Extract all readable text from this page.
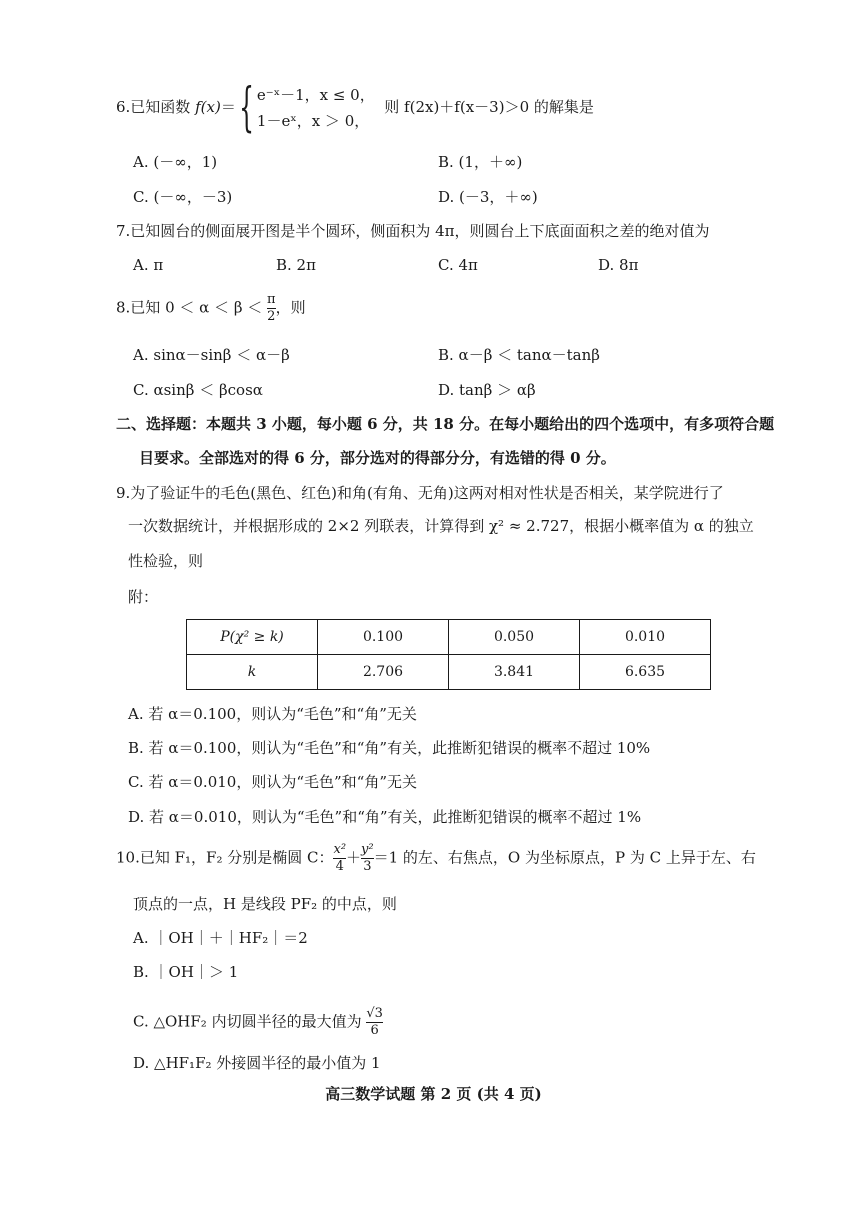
6.已知函数 f(x)＝{ e⁻ˣ－1，x ≤ 0，
1－eˣ，x ＞ 0，
则 f(2x)＋f(x－3)＞0 的解集是
A. (－∞，1)	B. (1，＋∞)
C. (－∞，－3)	D. (－3，＋∞)
7.已知圆台的侧面展开图是半个圆环，侧面积为 4π，则圆台上下底面面积之差的绝对值为
A. π	B. 2π	C. 4π	D. 8π
8.已知 $0 < \alpha < \beta < \frac{\pi}{2}$ ，则
A. sinα－sinβ ＜ α－β	B. α－β ＜ tanα－tanβ
C. αsinβ ＜ βcosα	D. tanβ ＞ αβ
二、选择题：本题共 3 小题，每小题 6 分，共 18 分。在每小题给出的四个选项中，有多项符合题
目要求。全部选对的得 6 分，部分选对的得部分分，有选错的得 0 分。
9.为了验证牛的毛色(黑色、红色)和角(有角、无角)这两对相对性状是否相关，某学院进行了
一次数据统计，并根据形成的 2×2 列联表，计算得到 χ² ≈ 2.727，根据小概率值为 α 的独立
性检验，则
附：
P(χ² ≥ k)	0.100	0.050	0.010
k	2.706	3.841	6.635
A. 若 α＝0.100，则认为“毛色”和“角”无关
B. 若 α＝0.100，则认为“毛色”和“角”有关，此推断犯错误的概率不超过 10%
C. 若 α＝0.010，则认为“毛色”和“角”无关
D. 若 α＝0.010，则认为“毛色”和“角”有关，此推断犯错误的概率不超过 1%
10.已知 F₁，F₂ 分别是椭圆 C： $\frac{\text{x²}}{4} + \frac{\text{y²}}{3} =1$ 的左、右焦点，O 为坐标原点，P 为 C 上异于左、右
顶点的一点，H 是线段 PF₂ 的中点，则
A. ｜OH｜＋｜HF₂｜＝2
B. ｜OH｜＞ 1
C. △OHF₂ 内切圆半径的最大值为 $\frac{√3}{6}$
D. △HF₁F₂ 外接圆半径的最小值为 1
高三数学试题 第 2 页 (共 4 页)
